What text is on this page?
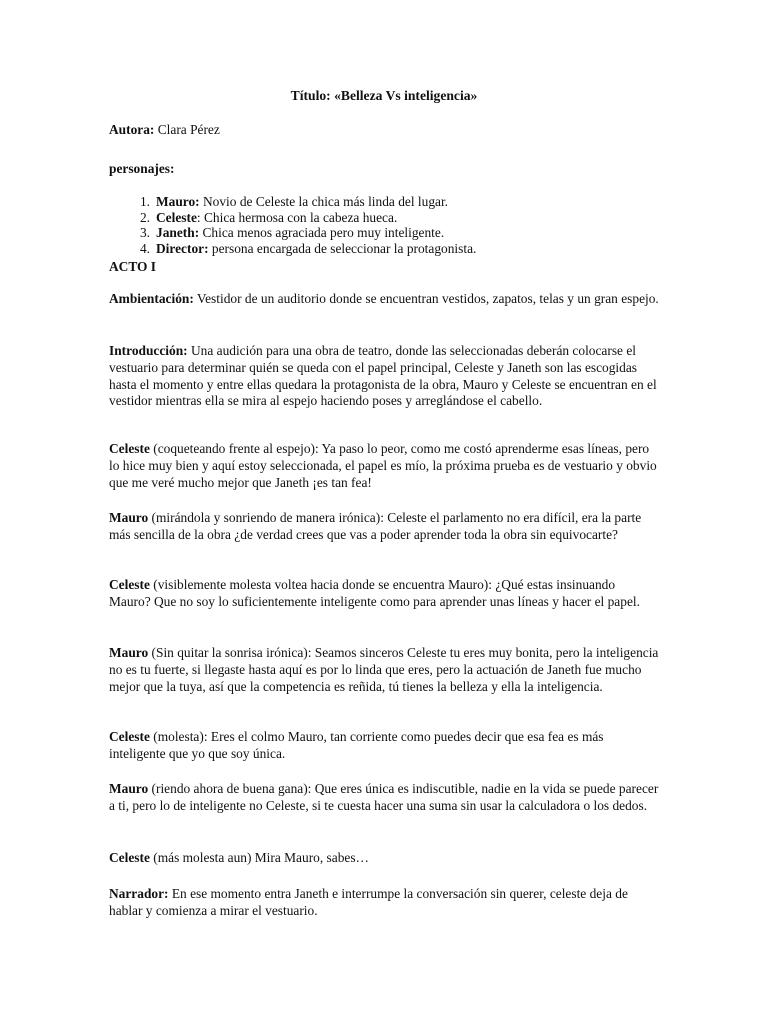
Título: «Belleza Vs inteligencia»
Autora: Clara Pérez
personajes:
1. Mauro: Novio de Celeste la chica más linda del lugar.
2. Celeste: Chica hermosa con la cabeza hueca.
3. Janeth: Chica menos agraciada pero muy inteligente.
4. Director: persona encargada de seleccionar la protagonista.
ACTO I
Ambientación: Vestidor de un auditorio donde se encuentran vestidos, zapatos, telas y un gran espejo.
Introducción: Una audición para una obra de teatro, donde las seleccionadas deberán colocarse el vestuario para determinar quién se queda con el papel principal, Celeste y Janeth son las escogidas hasta el momento y entre ellas quedara la protagonista de la obra, Mauro y Celeste se encuentran en el vestidor mientras ella se mira al espejo haciendo poses y arreglándose el cabello.
Celeste (coqueteando frente al espejo): Ya paso lo peor, como me costó aprenderme esas líneas, pero lo hice muy bien y aquí estoy seleccionada, el papel es mío, la próxima prueba es de vestuario y obvio que me veré mucho mejor que Janeth ¡es tan fea!
Mauro (mirándola y sonriendo de manera irónica): Celeste el parlamento no era difícil, era la parte más sencilla de la obra ¿de verdad crees que vas a poder aprender toda la obra sin equivocarte?
Celeste (visiblemente molesta voltea hacia donde se encuentra Mauro): ¿Qué estas insinuando Mauro? Que no soy lo suficientemente inteligente como para aprender unas líneas y hacer el papel.
Mauro (Sin quitar la sonrisa irónica): Seamos sinceros Celeste tu eres muy bonita, pero la inteligencia no es tu fuerte, si llegaste hasta aquí es por lo linda que eres, pero la actuación de Janeth fue mucho mejor que la tuya, así que la competencia es reñida, tú tienes la belleza y ella la inteligencia.
Celeste (molesta): Eres el colmo Mauro, tan corriente como puedes decir que esa fea es más inteligente que yo que soy única.
Mauro (riendo ahora de buena gana): Que eres única es indiscutible, nadie en la vida se puede parecer a ti, pero lo de inteligente no Celeste, si te cuesta hacer una suma sin usar la calculadora o los dedos.
Celeste (más molesta aun) Mira Mauro, sabes…
Narrador: En ese momento entra Janeth e interrumpe la conversación sin querer, celeste deja de hablar y comienza a mirar el vestuario.
